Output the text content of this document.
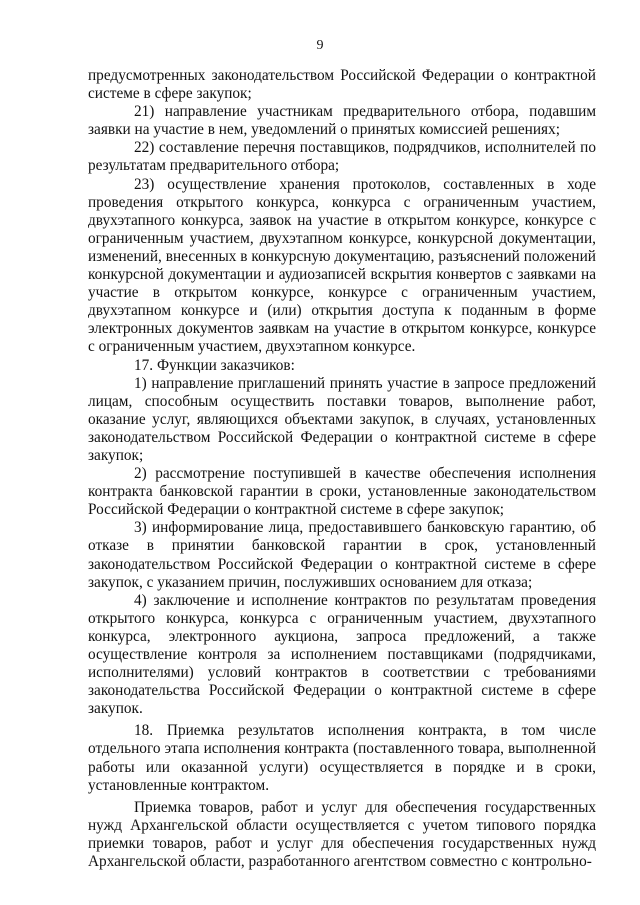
9

предусмотренных законодательством Российской Федерации о контрактной системе в сфере закупок;

21) направление участникам предварительного отбора, подавшим заявки на участие в нем, уведомлений о принятых комиссией решениях;

22) составление перечня поставщиков, подрядчиков, исполнителей по результатам предварительного отбора;

23) осуществление хранения протоколов, составленных в ходе проведения открытого конкурса, конкурса с ограниченным участием, двухэтапного конкурса, заявок на участие в открытом конкурсе, конкурсе с ограниченным участием, двухэтапном конкурсе, конкурсной документации, изменений, внесенных в конкурсную документацию, разъяснений положений конкурсной документации и аудиозаписей вскрытия конвертов с заявками на участие в открытом конкурсе, конкурсе с ограниченным участием, двухэтапном конкурсе и (или) открытия доступа к поданным в форме электронных документов заявкам на участие в открытом конкурсе, конкурсе с ограниченным участием, двухэтапном конкурсе.

17. Функции заказчиков:

1) направление приглашений принять участие в запросе предложений лицам, способным осуществить поставки товаров, выполнение работ, оказание услуг, являющихся объектами закупок, в случаях, установленных законодательством Российской Федерации о контрактной системе в сфере закупок;

2) рассмотрение поступившей в качестве обеспечения исполнения контракта банковской гарантии в сроки, установленные законодательством Российской Федерации о контрактной системе в сфере закупок;

3) информирование лица, предоставившего банковскую гарантию, об отказе в принятии банковской гарантии в срок, установленный законодательством Российской Федерации о контрактной системе в сфере закупок, с указанием причин, послуживших основанием для отказа;

4) заключение и исполнение контрактов по результатам проведения открытого конкурса, конкурса с ограниченным участием, двухэтапного конкурса, электронного аукциона, запроса предложений, а также осуществление контроля за исполнением поставщиками (подрядчиками, исполнителями) условий контрактов в соответствии с требованиями законодательства Российской Федерации о контрактной системе в сфере закупок.

18. Приемка результатов исполнения контракта, в том числе отдельного этапа исполнения контракта (поставленного товара, выполненной работы или оказанной услуги) осуществляется в порядке и в сроки, установленные контрактом.

Приемка товаров, работ и услуг для обеспечения государственных нужд Архангельской области осуществляется с учетом типового порядка приемки товаров, работ и услуг для обеспечения государственных нужд Архангельской области, разработанного агентством совместно с контрольно-
